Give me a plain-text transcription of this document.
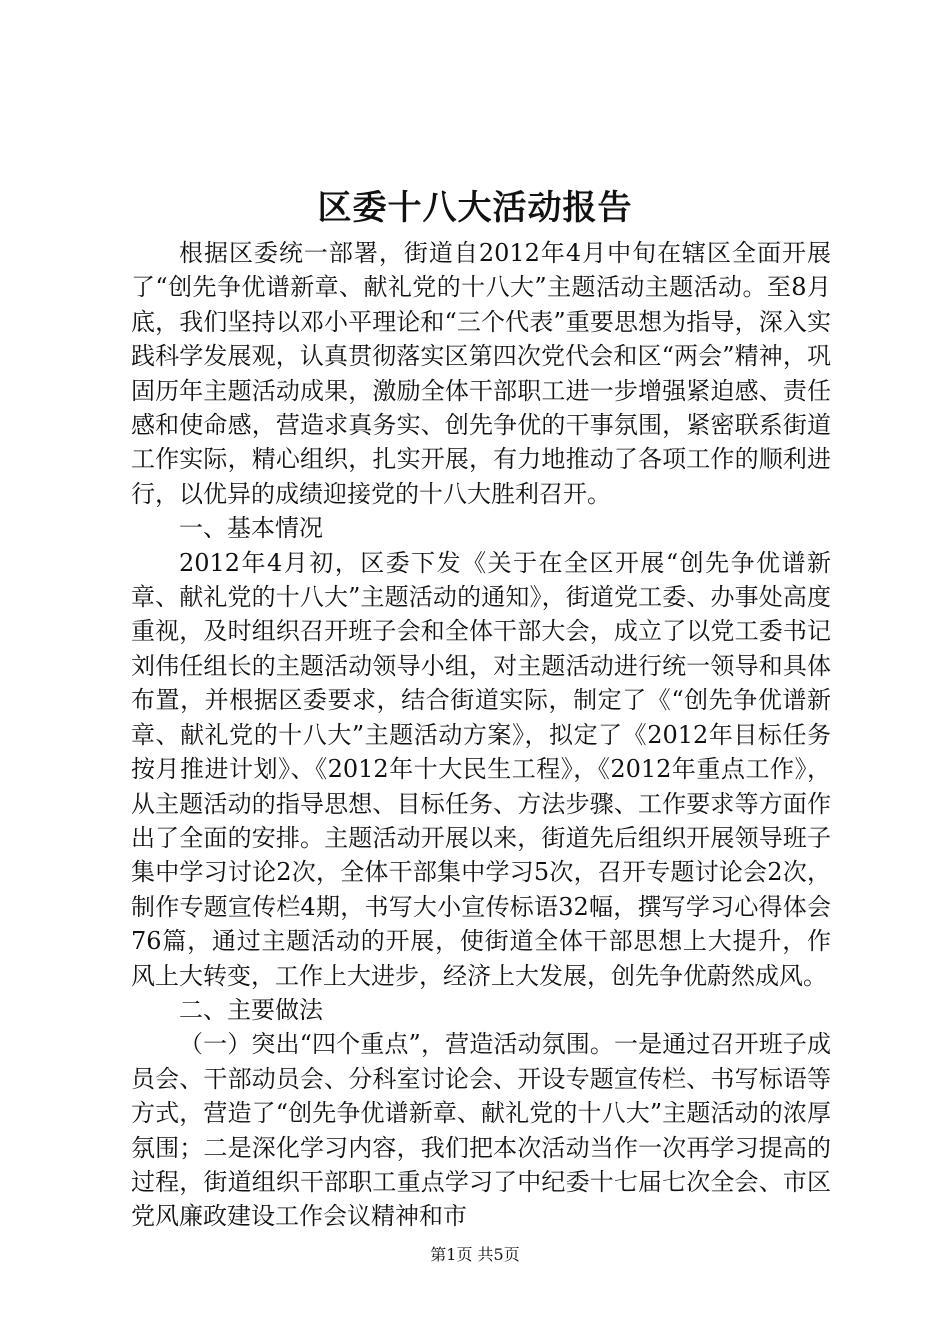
区委十八大活动报告

根据区委统一部署，街道自2012年4月中旬在辖区全面开展了“创先争优谱新章、献礼党的十八大”主题活动主题活动。至8月底，我们坚持以邓小平理论和“三个代表”重要思想为指导，深入实践科学发展观，认真贯彻落实区第四次党代会和区“两会”精神，巩固历年主题活动成果，激励全体干部职工进一步增强紧迫感、责任感和使命感，营造求真务实、创先争优的干事氛围，紧密联系街道工作实际，精心组织，扎实开展，有力地推动了各项工作的顺利进行，以优异的成绩迎接党的十八大胜利召开。

一、基本情况

2012年4月初，区委下发《关于在全区开展“创先争优谱新章、献礼党的十八大”主题活动的通知》，街道党工委、办事处高度重视，及时组织召开班子会和全体干部大会，成立了以党工委书记刘伟任组长的主题活动领导小组，对主题活动进行统一领导和具体布置，并根据区委要求，结合街道实际，制定了《“创先争优谱新章、献礼党的十八大”主题活动方案》，拟定了《2012年目标任务按月推进计划》、《2012年十大民生工程》，《2012年重点工作》，从主题活动的指导思想、目标任务、方法步骤、工作要求等方面作出了全面的安排。主题活动开展以来，街道先后组织开展领导班子集中学习讨论2次，全体干部集中学习5次，召开专题讨论会2次，制作专题宣传栏4期，书写大小宣传标语32幅，撰写学习心得体会76篇，通过主题活动的开展，使街道全体干部思想上大提升，作风上大转变，工作上大进步，经济上大发展，创先争优蔚然成风。

二、主要做法

（一）突出“四个重点”，营造活动氛围。一是通过召开班子成员会、干部动员会、分科室讨论会、开设专题宣传栏、书写标语等方式，营造了“创先争优谱新章、献礼党的十八大”主题活动的浓厚氛围；二是深化学习内容，我们把本次活动当作一次再学习提高的过程，街道组织干部职工重点学习了中纪委十七届七次全会、市区党风廉政建设工作会议精神和市

第1页 共5页
